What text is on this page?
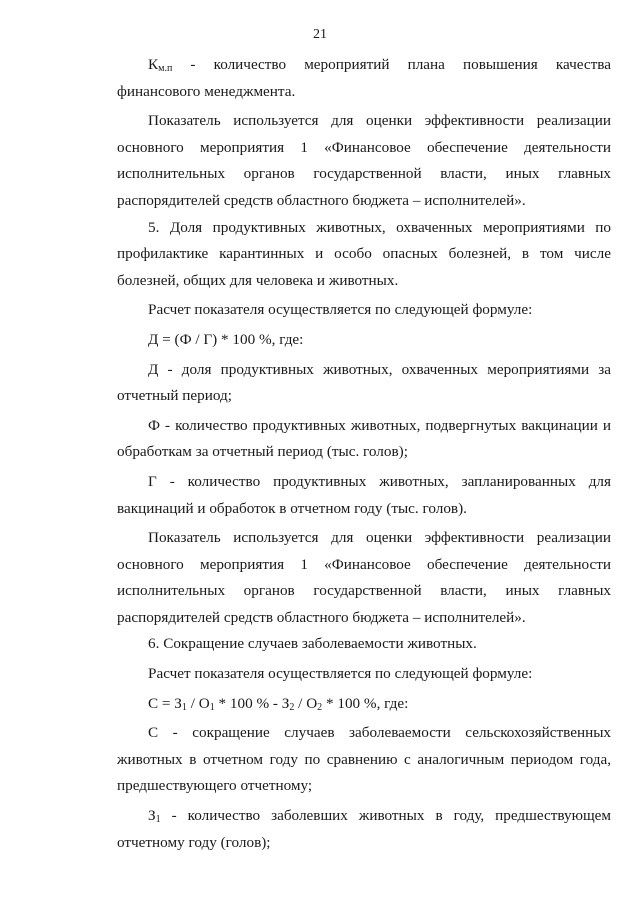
21

$К_{м.п}$ - количество мероприятий плана повышения качества финансового менеджмента.

Показатель используется для оценки эффективности реализации основного мероприятия 1 «Финансовое обеспечение деятельности исполнительных органов государственной власти, иных главных распорядителей средств областного бюджета – исполнителей».

5. Доля продуктивных животных, охваченных мероприятиями по профилактике карантинных и особо опасных болезней, в том числе болезней, общих для человека и животных.

Расчет показателя осуществляется по следующей формуле:

Д = (Ф / Г) * 100 %, где:

Д - доля продуктивных животных, охваченных мероприятиями за отчетный период;

Ф - количество продуктивных животных, подвергнутых вакцинации и обработкам за отчетный период (тыс. голов);

Г - количество продуктивных животных, запланированных для вакцинаций и обработок в отчетном году (тыс. голов).

Показатель используется для оценки эффективности реализации основного мероприятия 1 «Финансовое обеспечение деятельности исполнительных органов государственной власти, иных главных распорядителей средств областного бюджета – исполнителей».

6. Сокращение случаев заболеваемости животных.

Расчет показателя осуществляется по следующей формуле:

$С = З_1 / О_1 * 100$ % - $З_2 / О_2 * 100$ %, где:

С - сокращение случаев заболеваемости сельскохозяйственных животных в отчетном году по сравнению с аналогичным периодом года, предшествующего отчетному;

$З_1$ - количество заболевших животных в году, предшествующем отчетному году (голов);
